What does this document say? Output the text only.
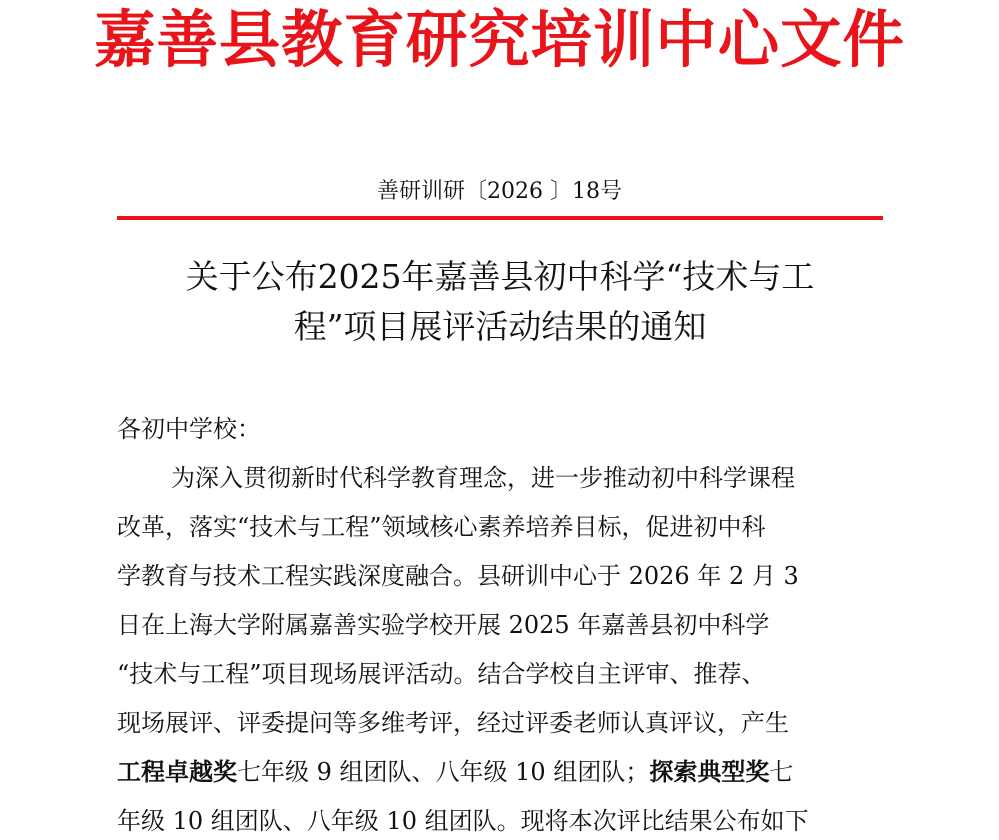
嘉善县教育研究培训中心文件
善研训研〔2026 〕18号
关于公布2025年嘉善县初中科学“技术与工
程”项目展评活动结果的通知
各初中学校：
为深入贯彻新时代科学教育理念，进一步推动初中科学课程
改革，落实“技术与工程”领域核心素养培养目标，促进初中科
学教育与技术工程实践深度融合。县研训中心于 2026 年 2 月 3
日在上海大学附属嘉善实验学校开展 2025 年嘉善县初中科学
“技术与工程”项目现场展评活动。结合学校自主评审、推荐、
现场展评、评委提问等多维考评，经过评委老师认真评议，产生
工程卓越奖七年级 9 组团队、八年级 10 组团队；探索典型奖七
年级 10 组团队、八年级 10 组团队。现将本次评比结果公布如下
